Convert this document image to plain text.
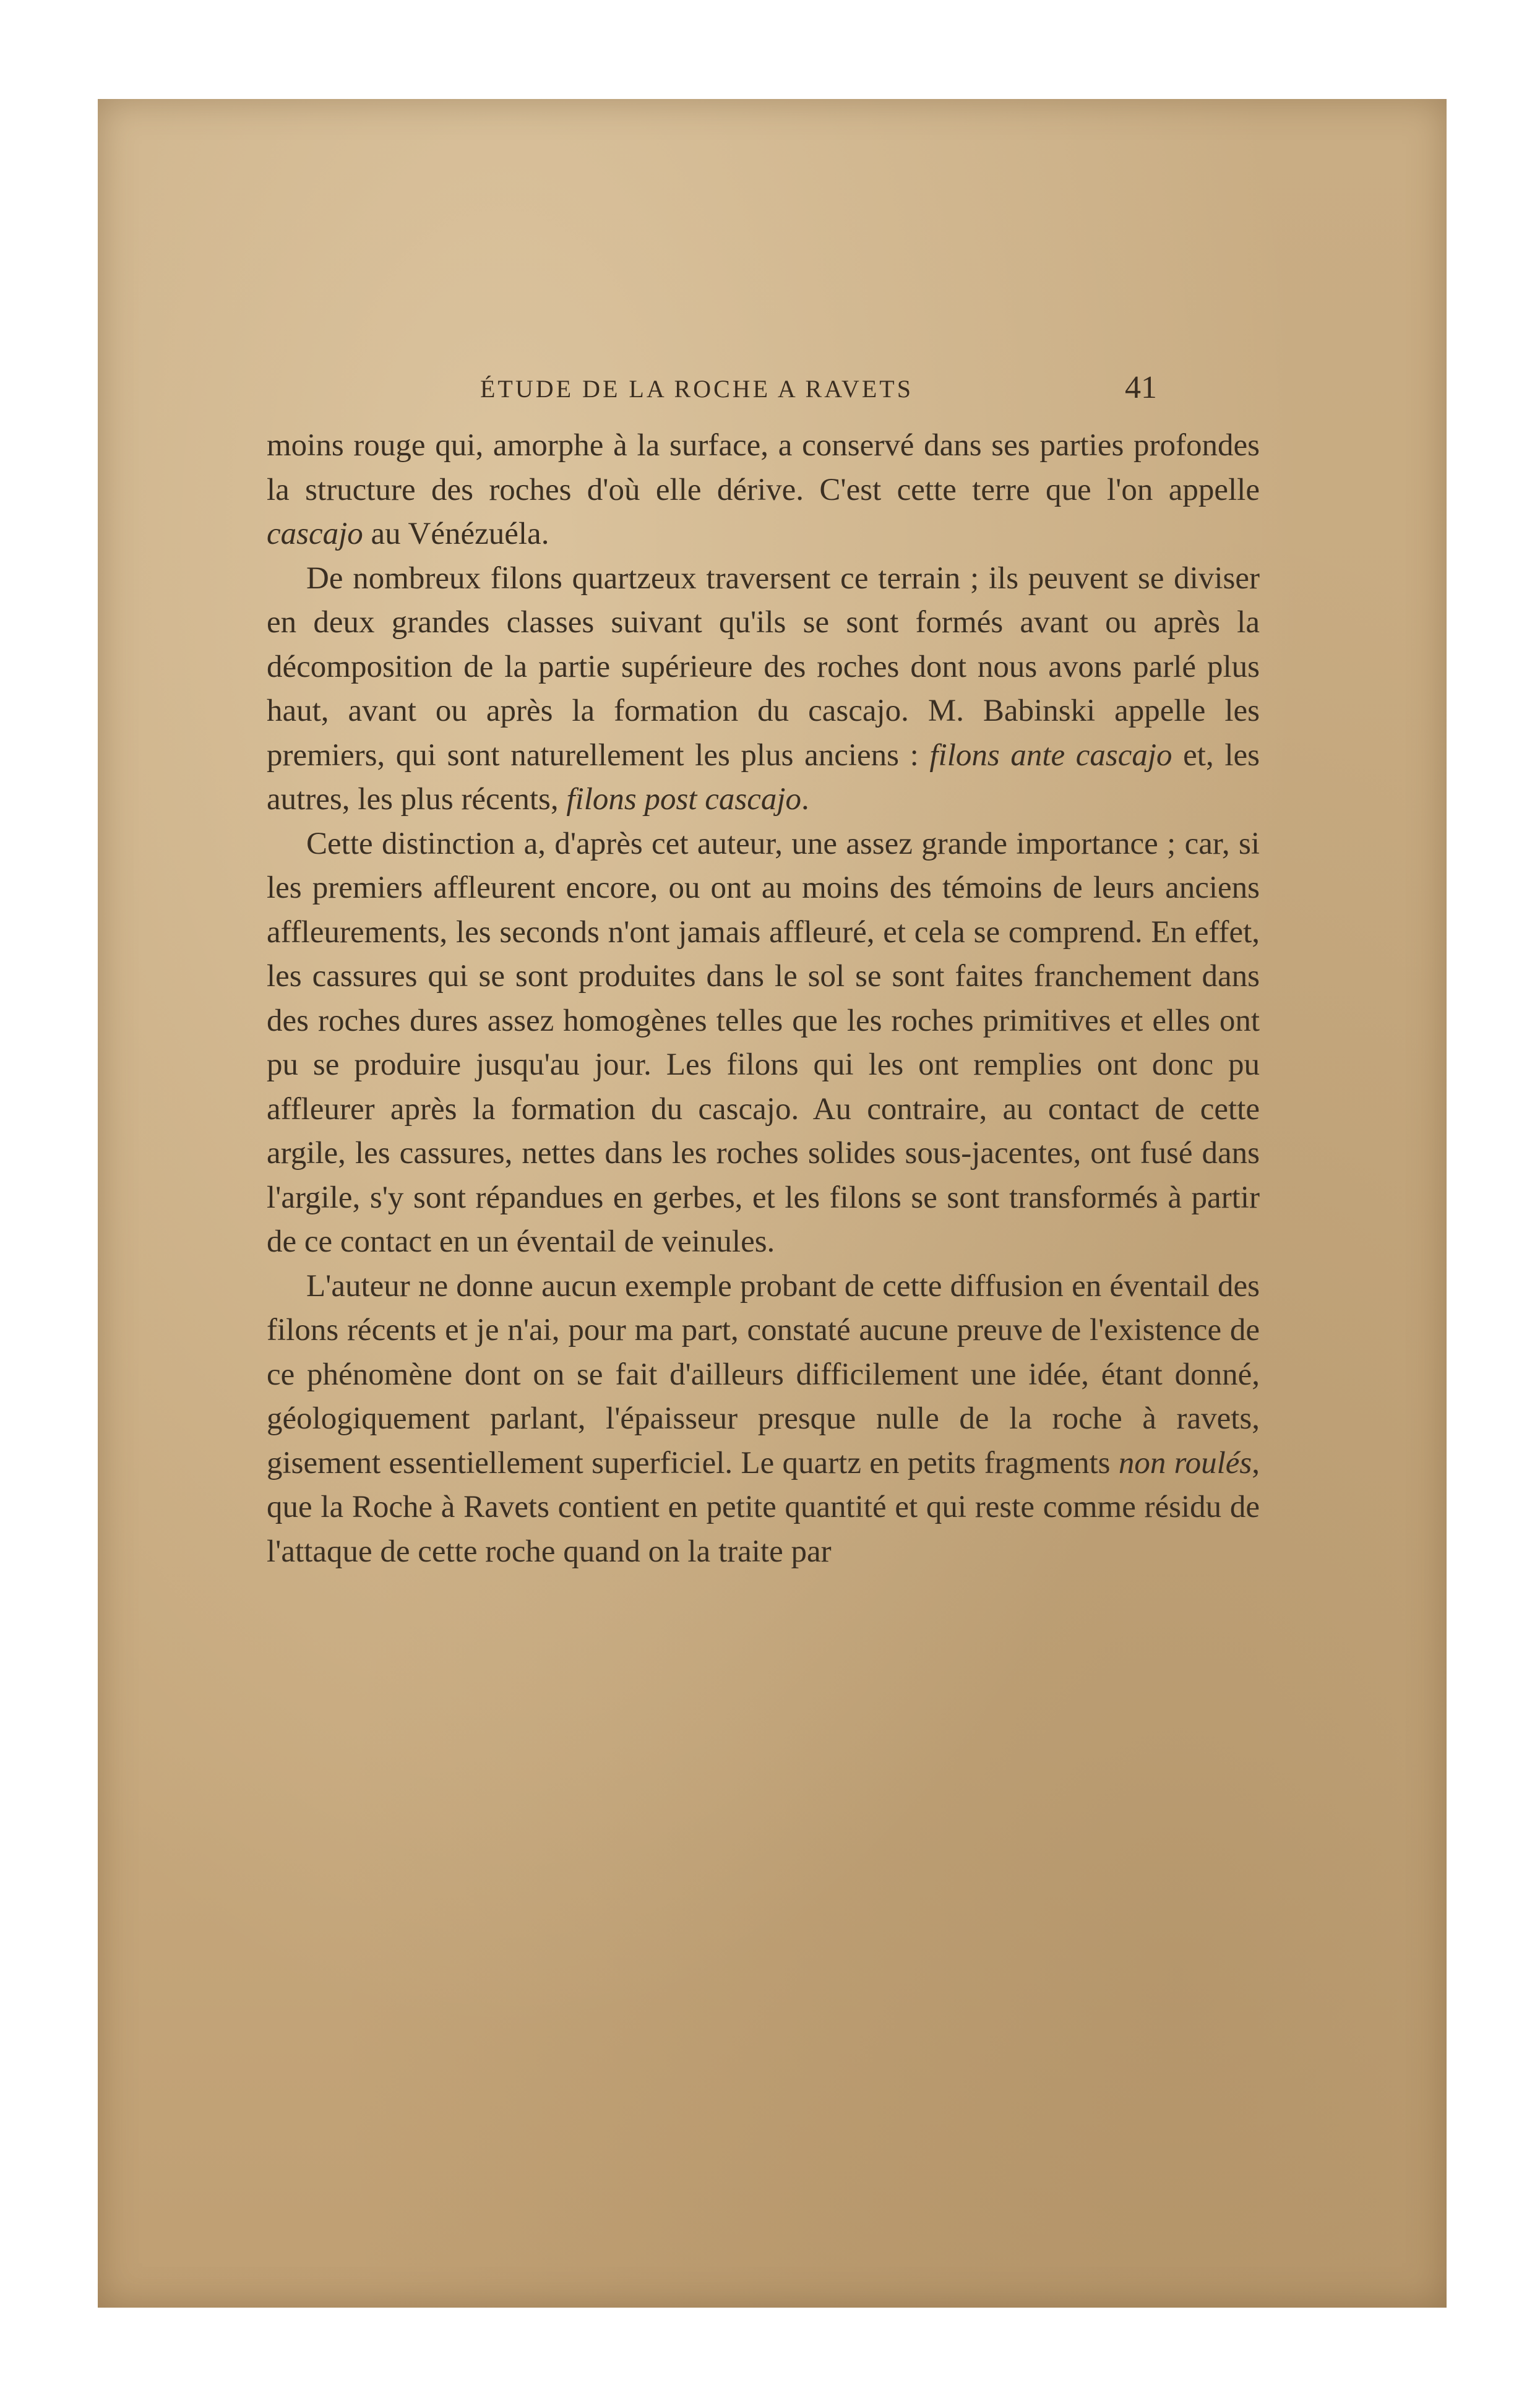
ÉTUDE DE LA ROCHE A RAVETS	41

moins rouge qui, amorphe à la surface, a conservé dans ses parties profondes la structure des roches d'où elle dérive. C'est cette terre que l'on appelle cascajo au Vénézuéla.

De nombreux filons quartzeux traversent ce terrain ; ils peuvent se diviser en deux grandes classes suivant qu'ils se sont formés avant ou après la décomposition de la partie supérieure des roches dont nous avons parlé plus haut, avant ou après la formation du cascajo. M. Babinski appelle les premiers, qui sont naturellement les plus anciens : filons ante cascajo et, les autres, les plus récents, filons post cascajo.

Cette distinction a, d'après cet auteur, une assez grande importance ; car, si les premiers affleurent encore, ou ont au moins des témoins de leurs anciens affleurements, les seconds n'ont jamais affleuré, et cela se comprend. En effet, les cassures qui se sont produites dans le sol se sont faites franchement dans des roches dures assez homogènes telles que les roches primitives et elles ont pu se produire jusqu'au jour. Les filons qui les ont remplies ont donc pu affleurer après la formation du cascajo. Au contraire, au contact de cette argile, les cassures, nettes dans les roches solides sous-jacentes, ont fusé dans l'argile, s'y sont répandues en gerbes, et les filons se sont transformés à partir de ce contact en un éventail de veinules.

L'auteur ne donne aucun exemple probant de cette diffusion en éventail des filons récents et je n'ai, pour ma part, constaté aucune preuve de l'existence de ce phénomène dont on se fait d'ailleurs difficilement une idée, étant donné, géologiquement parlant, l'épaisseur presque nulle de la roche à ravets, gisement essentiellement superficiel. Le quartz en petits fragments non roulés, que la Roche à Ravets contient en petite quantité et qui reste comme résidu de l'attaque de cette roche quand on la traite par
